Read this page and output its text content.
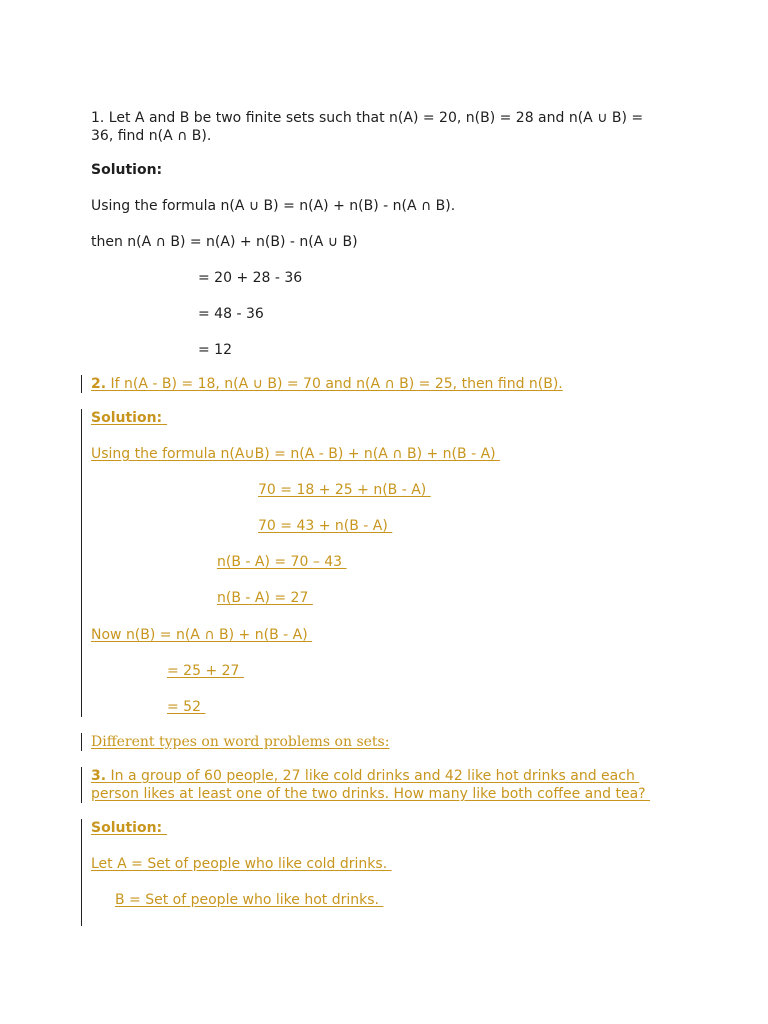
1. Let A and B be two finite sets such that n(A) = 20, n(B) = 28 and n(A ∪ B) =

36, find n(A ∩ B).

Solution:

Using the formula n(A ∪ B) = n(A) + n(B) - n(A ∩ B).

then n(A ∩ B) = n(A) + n(B) - n(A ∪ B)

= 20 + 28 - 36

= 48 - 36

= 12

2. If n(A - B) = 18, n(A ∪ B) = 70 and n(A ∩ B) = 25, then find n(B).

Solution:

Using the formula n(A∪B) = n(A - B) + n(A ∩ B) + n(B - A)

70 = 18 + 25 + n(B - A)

70 = 43 + n(B - A)

n(B - A) = 70 – 43

n(B - A) = 27

Now n(B) = n(A ∩ B) + n(B - A)

= 25 + 27

= 52

Different types on word problems on sets:

3. In a group of 60 people, 27 like cold drinks and 42 like hot drinks and each

person likes at least one of the two drinks. How many like both coffee and tea?

Solution:

Let A = Set of people who like cold drinks.

B = Set of people who like hot drinks.
